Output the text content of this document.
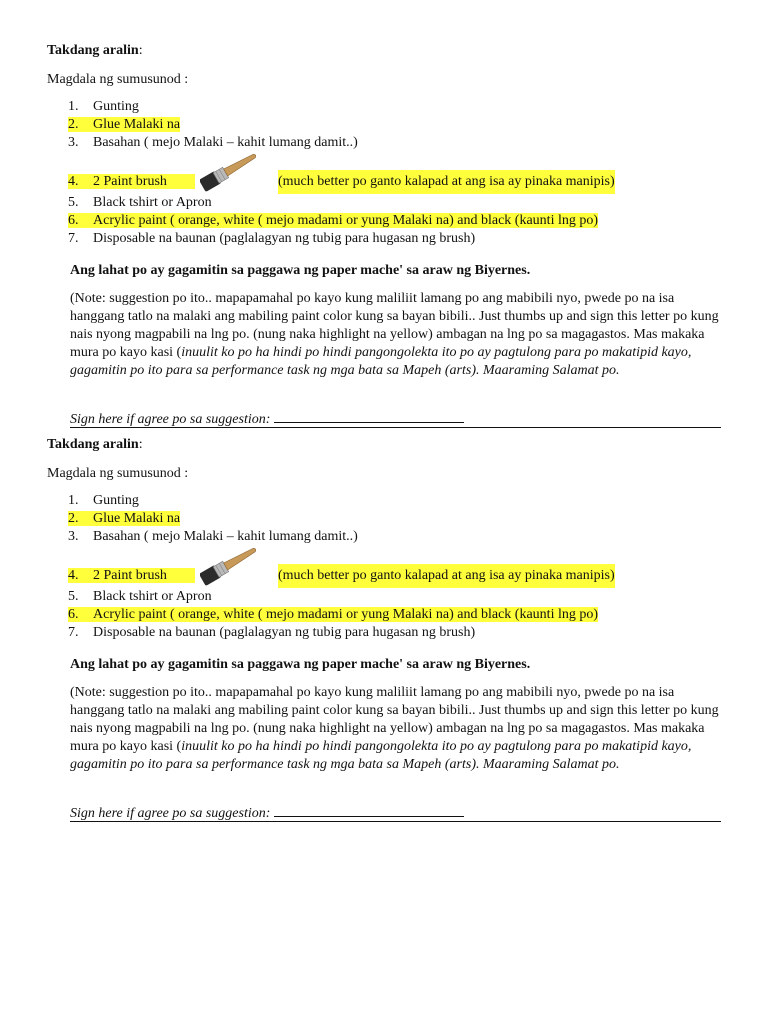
Takdang aralin:
Magdala ng sumusunod :
1. Gunting
2. Glue Malaki na
3. Basahan ( mejo Malaki – kahit lumang damit..)
4. 2 Paint brush	(much better po ganto kalapad at ang isa ay pinaka manipis)
5. Black tshirt or Apron
6. Acrylic paint ( orange, white ( mejo madami or yung Malaki na) and black (kaunti lng po)
7. Disposable na baunan (paglalagyan ng tubig para hugasan ng brush)
Ang lahat po ay gagamitin sa paggawa ng paper mache' sa araw ng Biyernes.
(Note: suggestion po ito.. mapapamahal po kayo kung maliliit lamang po ang mabibili nyo, pwede po na isa hanggang tatlo na malaki ang mabiling paint color kung sa bayan bibili.. Just thumbs up and sign this letter po kung nais nyong magpabili na lng po. (nung naka highlight na yellow) ambagan na lng po sa magagastos. Mas makaka mura po kayo kasi (inuulit ko po ha hindi po hindi pangongolekta ito po ay pagtulong para po makatipid kayo, gagamitin po ito para sa performance task ng mga bata sa Mapeh (arts). Maaraming Salamat po.
Sign here if agree po sa suggestion:
Takdang aralin:
Magdala ng sumusunod :
1. Gunting
2. Glue Malaki na
3. Basahan ( mejo Malaki – kahit lumang damit..)
4. 2 Paint brush	(much better po ganto kalapad at ang isa ay pinaka manipis)
5. Black tshirt or Apron
6. Acrylic paint ( orange, white ( mejo madami or yung Malaki na) and black (kaunti lng po)
7. Disposable na baunan (paglalagyan ng tubig para hugasan ng brush)
Ang lahat po ay gagamitin sa paggawa ng paper mache' sa araw ng Biyernes.
(Note: suggestion po ito.. mapapamahal po kayo kung maliliit lamang po ang mabibili nyo, pwede po na isa hanggang tatlo na malaki ang mabiling paint color kung sa bayan bibili.. Just thumbs up and sign this letter po kung nais nyong magpabili na lng po. (nung naka highlight na yellow) ambagan na lng po sa magagastos. Mas makaka mura po kayo kasi (inuulit ko po ha hindi po hindi pangongolekta ito po ay pagtulong para po makatipid kayo, gagamitin po ito para sa performance task ng mga bata sa Mapeh (arts). Maaraming Salamat po.
Sign here if agree po sa suggestion:
